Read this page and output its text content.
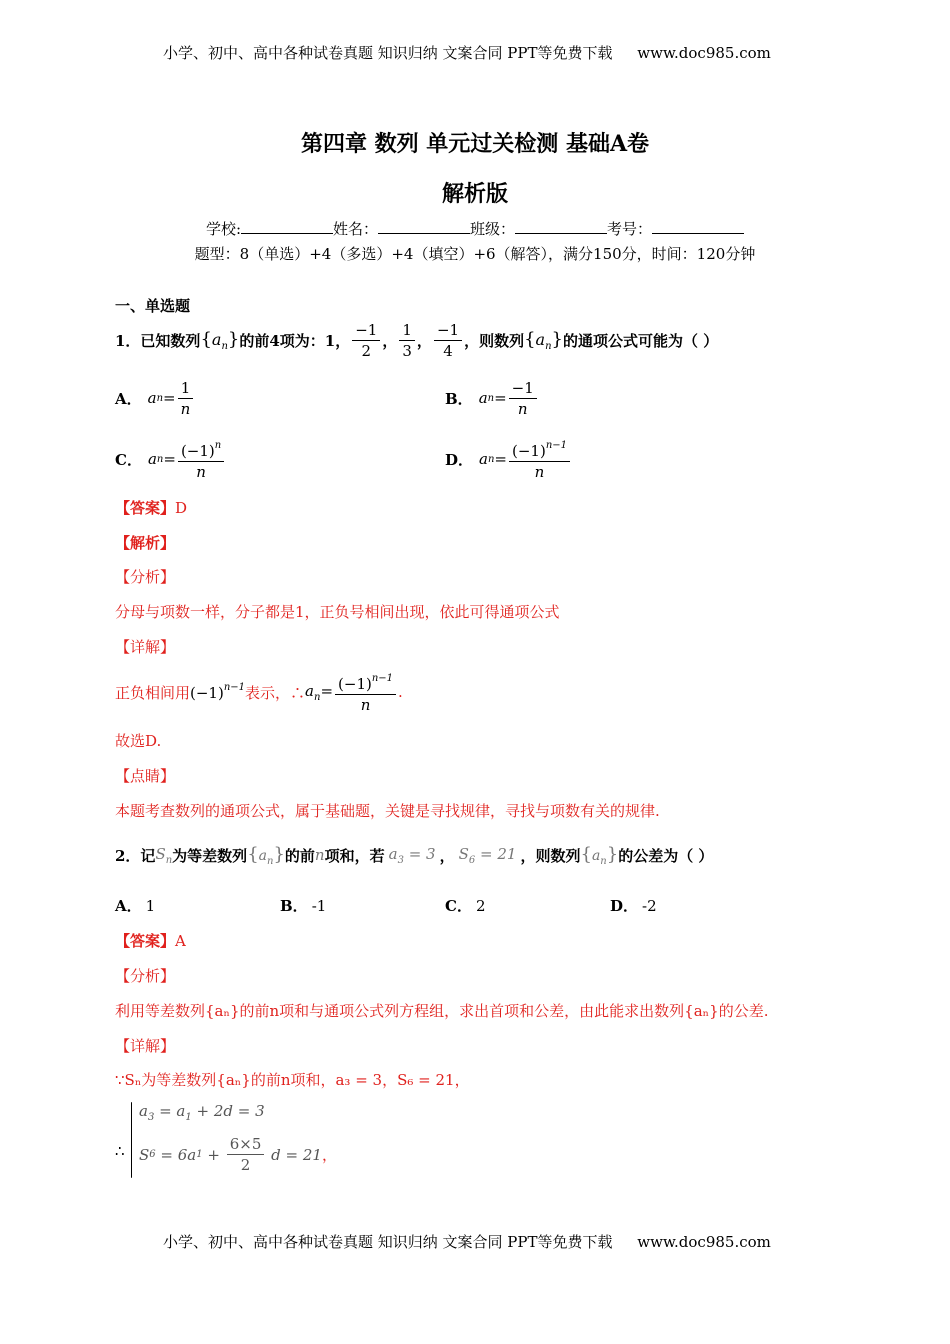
小学、初中、高中各种试卷真题 知识归纳 文案合同 PPT等免费下载 www.doc985.com
第四章 数列 单元过关检测 基础A卷
解析版
学校:	姓名：	班级：	考号：
题型：8（单选）+4（多选）+4（填空）+6（解答），满分150分，时间：120分钟
一、单选题
1．已知数列 $\{a_n\}$ 的前4项为：1， $\frac{-1}{2}$ ， $\frac{1}{3}$ ， $\frac{-1}{4}$ ，则数列 $\{a_n\}$ 的通项公式可能为（ ）
A． a $n = \frac{1}{n}$	B． a $n = \frac{-1}{n}$
C． a $n = \frac{(-1)^n}{n}$	D． a $n = \frac{(-1)^{n-1}}{n}$
【答案】D
【解析】
【分析】
分母与项数一样，分子都是1，正负号相间出现，依此可得通项公式
【详解】
正负相间用 $(-1)^{n-1}$ 表示，∴ $a_n= \frac{(-1)^{n-1}}{n}$ .
故选D.
【点睛】
本题考查数列的通项公式，属于基础题，关键是寻找规律，寻找与项数有关的规律.
2．记 $S_n$ 为等差数列 $\{a_n\}$ 的前 n 项和，若 $a_3 = 3$ ， $S_6 = 21$ ，则数列 $\{a_n\}$ 的公差为（ ）
A． 1	B． -1	C． 2	D． -2
【答案】A
【分析】
利用等差数列{aₙ}的前n项和与通项公式列方程组，求出首项和公差，由此能求出数列{aₙ}的公差.
【详解】
∵Sₙ为等差数列{aₙ}的前n项和，a₃ = 3，S₆ = 21，
∴
$a_3 = a_1 + 2d = 3$
S 6 = 6a $1 + \frac{6\times 5}{2}$ d = 21 ，
小学、初中、高中各种试卷真题 知识归纳 文案合同 PPT等免费下载 www.doc985.com
